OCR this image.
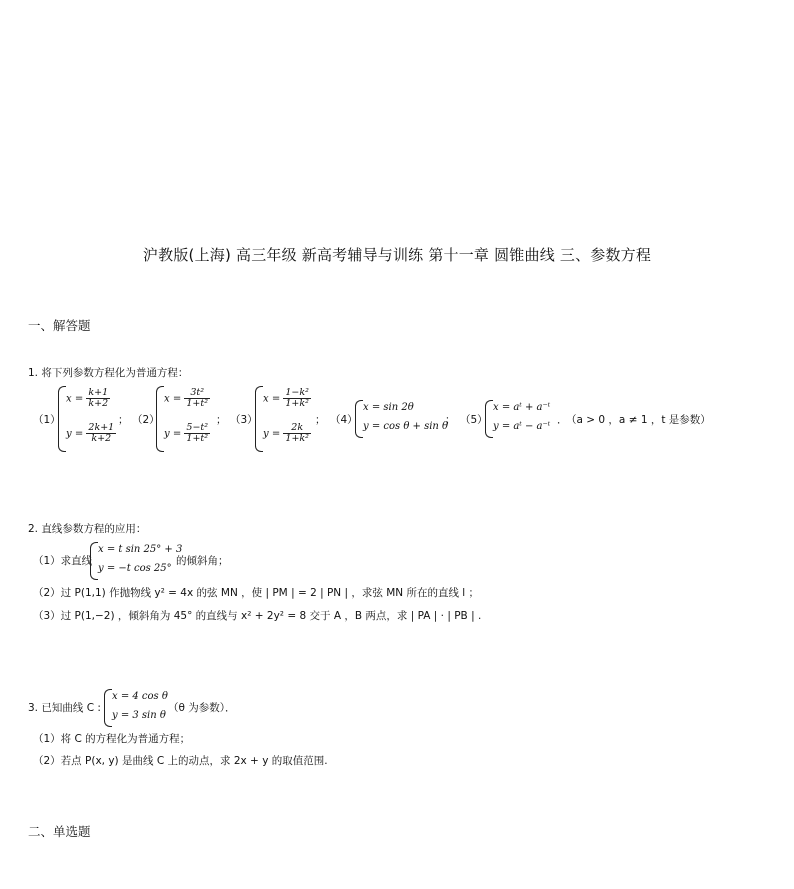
沪教版(上海) 高三年级 新高考辅导与训练 第十一章 圆锥曲线 三、参数方程
一、解答题
1. 将下列参数方程化为普通方程：
（1）
$x = \frac{k+1}{k+2}$
$y = \frac{2k+1}{k+2}$
； （2）
$x = \frac{\text{3t²}}{\text{1+t²}}$
$y = \frac{\text{5−t²}}{\text{1+t²}}$
； （3）
$x = \frac{\text{1−k²}}{\text{1+k²}}$
$y = \frac{2k}{\text{1+k²}}$
； （4）
x = sin 2θ
y = cos θ + sin θ
； （5）
x = aᵗ + a⁻ᵗ
y = aᵗ − a⁻ᵗ
．
（a > 0 ，a ≠ 1 ，t 是参数）
2. 直线参数方程的应用：
（1）求直线
x = t sin 25° + 3
y = −t cos 25°
的倾斜角；
（2）过 P(1,1) 作抛物线 y² = 4x 的弦 MN ，使 | PM | = 2 | PN | ，求弦 MN 所在的直线 l ；
（3）过 P(1,−2) ，倾斜角为 45° 的直线与 x² + 2y² = 8 交于 A ，B 两点，求 | PA | · | PB | .
3. 已知曲线 C :
x = 4 cos θ
y = 3 sin θ
（θ 为参数）．
（1）将 C 的方程化为普通方程；
（2）若点 P(x, y) 是曲线 C 上的动点，求 2x + y 的取值范围.
二、单选题
